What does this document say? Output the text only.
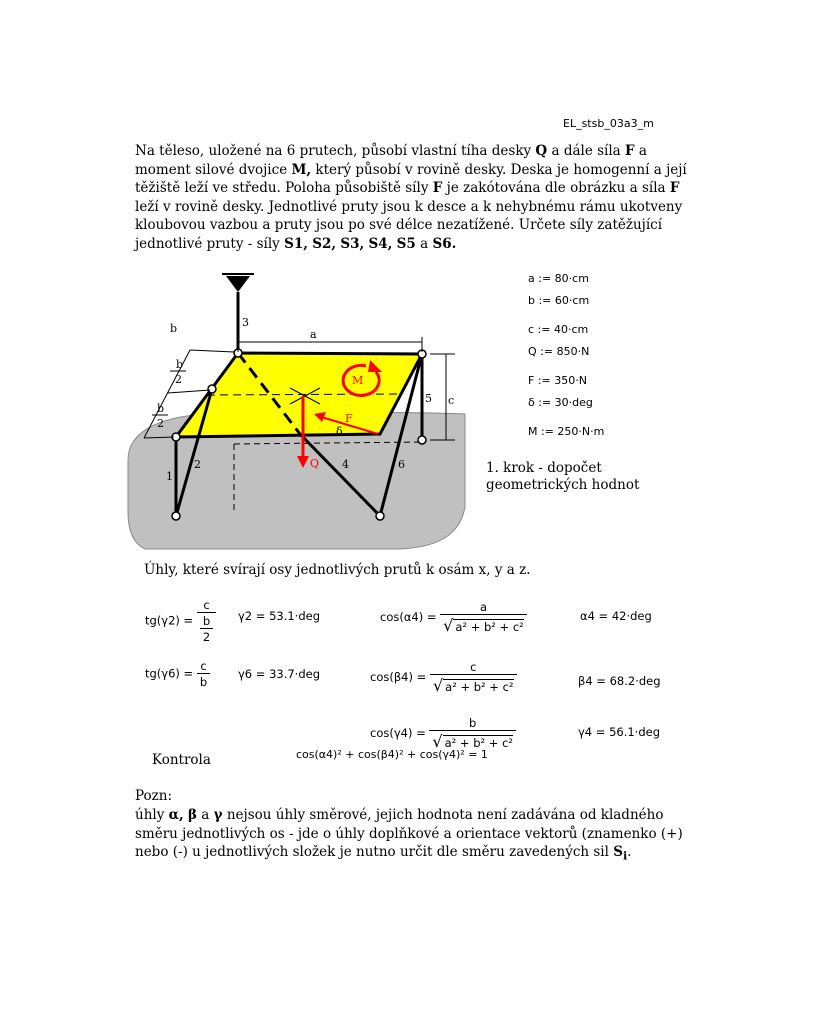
EL_stsb_03a3_m
Na těleso, uložené na 6 prutech, působí vlastní tíha desky Q a dále síla F a moment silové dvojice M, který působí v rovině desky. Deska je homogenní a její těžiště leží ve středu. Poloha působiště síly F je zakótována dle obrázku a síla F leží v rovině desky. Jednotlivé pruty jsou k desce a k nehybnému rámu ukotveny kloubovou vazbou a pruty jsou po své délce nezatížené. Určete síly zatěžující jednotlivé pruty - síly S1, S2, S3, S4, S5 a S6.
a
b
b
2
b
2
c
M
F
δ
Q
3
5
1
2	4	6
a := 80·cm
b := 60·cm
c := 40·cm
Q := 850·N
F := 350·N
δ := 30·deg
M := 250·N·m
1. krok - dopočet
geometrických hodnot
Úhly, které svírají osy jednotlivých prutů k osám x, y a z.
$tg(\gamma 2) = \frac{c}{\frac{b}{2}} \gamma 2 = 53.1\cdot deg$	$\cos(\alpha 4) = \frac{a}{\text{√ a² + b² + c²}}$	α4 = 42·deg
$tg(\gamma 6) = \frac{c}{b} \gamma 6 = 33.7\cdot deg$	$\cos(\beta 4) = \frac{c}{\text{√ a² + b² + c²}}$	β4 = 68.2·deg
$\cos(\gamma 4) = \frac{b}{\text{√ a² + b² + c²}}$	γ4 = 56.1·deg
Kontrola	cos(α4)² + cos(β4)² + cos(γ4)² = 1
Pozn:
úhly α, β a γ nejsou úhly směrové, jejich hodnota není zadávána od kladného směru jednotlivých os - jde o úhly doplňkové a orientace vektorů (znamenko (+) nebo (-) u jednotlivých složek je nutno určit dle směru zavedených sil $S_i$.
